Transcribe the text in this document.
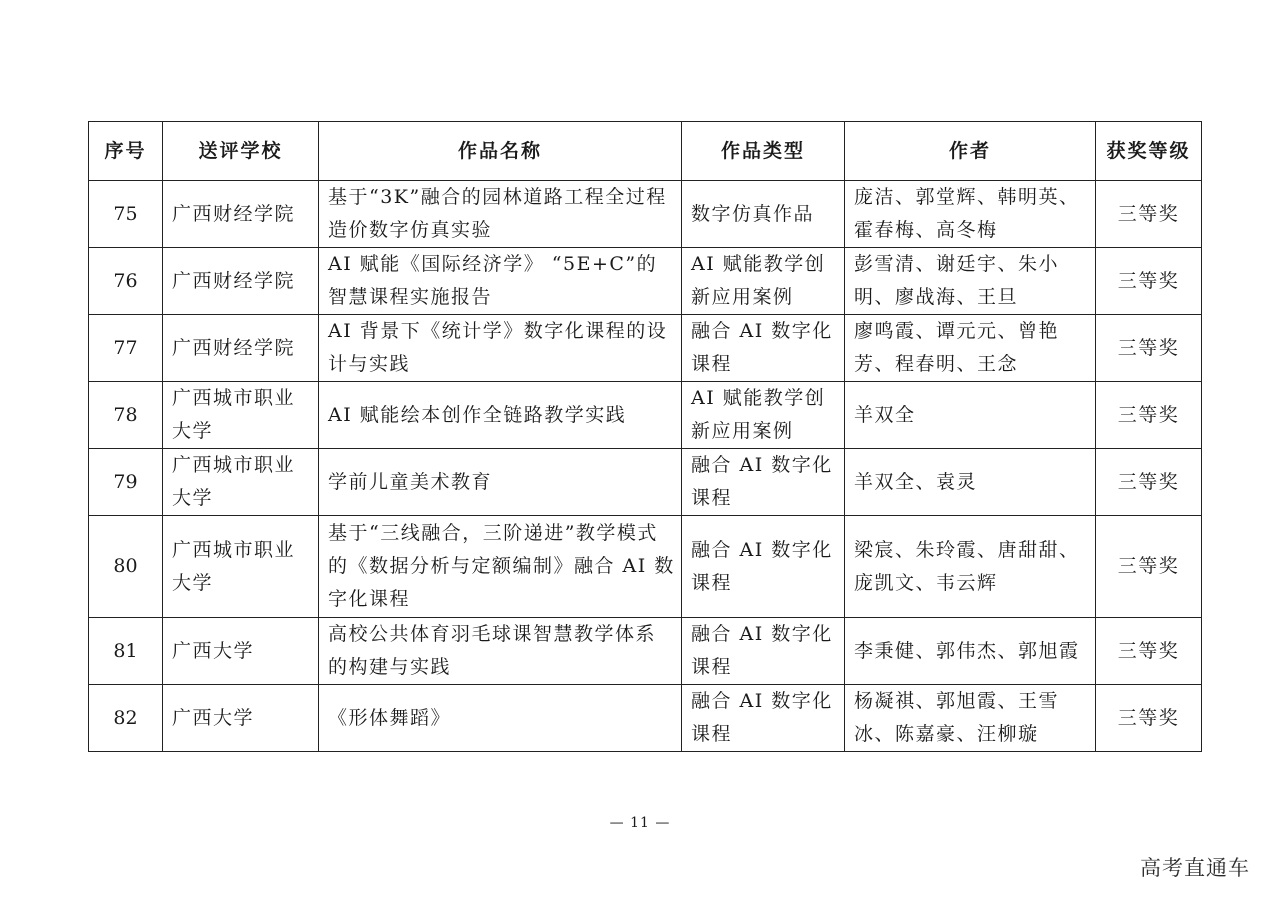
序号	送评学校	作品名称	作品类型	作者	获奖等级
75	广西财经学院	基于“3K”融合的园林道路工程全过程造价数字仿真实验	数字仿真作品	庞洁、郭堂辉、韩明英、霍春梅、高冬梅	三等奖
76	广西财经学院	AI 赋能《国际经济学》 “5E+C”的智慧课程实施报告	AI 赋能教学创新应用案例	彭雪清、谢廷宇、朱小明、廖战海、王旦	三等奖
77	广西财经学院	AI 背景下《统计学》数字化课程的设计与实践	融合 AI 数字化课程	廖鸣霞、谭元元、曾艳芳、程春明、王念	三等奖
78	广西城市职业大学	AI 赋能绘本创作全链路教学实践	AI 赋能教学创新应用案例	羊双全	三等奖
79	广西城市职业大学	学前儿童美术教育	融合 AI 数字化课程	羊双全、袁灵	三等奖
80	广西城市职业大学	基于“三线融合，三阶递进”教学模式的《数据分析与定额编制》融合 AI 数字化课程	融合 AI 数字化课程	梁宸、朱玲霞、唐甜甜、庞凯文、韦云辉	三等奖
81	广西大学	高校公共体育羽毛球课智慧教学体系的构建与实践	融合 AI 数字化课程	李秉健、郭伟杰、郭旭霞	三等奖
82	广西大学	《形体舞蹈》	融合 AI 数字化课程	杨凝祺、郭旭霞、王雪冰、陈嘉豪、汪柳璇	三等奖
— 11 —
高考直通车
